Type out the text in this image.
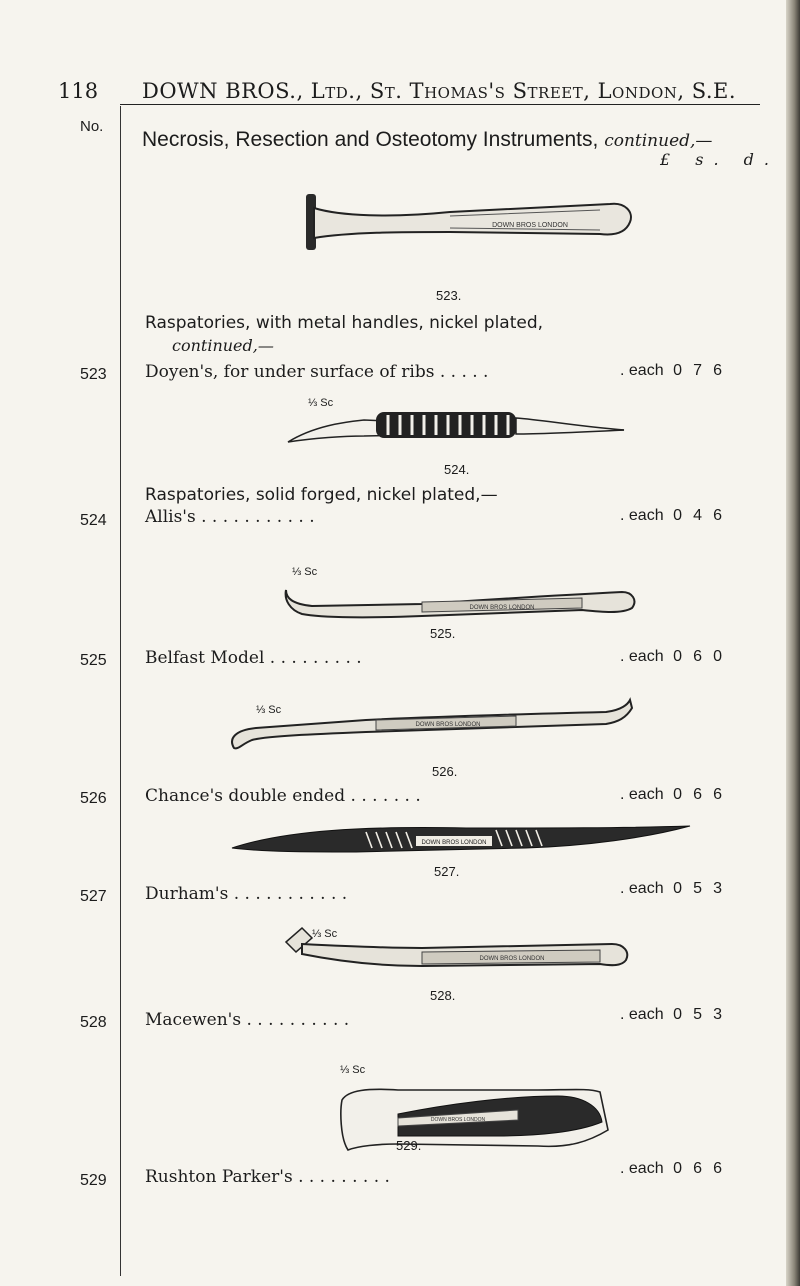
118 DOWN BROS., Ltd., St. Thomas's Street, London, S.E.
No.
Necrosis, Resection and Osteotomy Instruments, continued,—
£ s. d.
DOWN BROS LONDON
523.
Raspatories, with metal handles, nickel plated,
continued,—
523 Doyen's, for under surface of ribs . . . . .	. each 0 7 6
⅓ Sc
524.
Raspatories, solid forged, nickel plated,—
524 Allis's . . . . . . . . . . .	. each 0 4 6
⅓ Sc
DOWN BROS LONDON
525.
525 Belfast Model . . . . . . . . .	. each 0 6 0
⅓ Sc
DOWN BROS LONDON
526.
526 Chance's double ended . . . . . . .	. each 0 6 6
DOWN BROS LONDON
527.
527 Durham's . . . . . . . . . . .	. each 0 5 3
⅓ Sc
DOWN BROS LONDON
528.
528 Macewen's . . . . . . . . . .	. each 0 5 3
⅓ Sc
DOWN BROS LONDON
529.
529 Rushton Parker's . . . . . . . . .	. each 0 6 6
